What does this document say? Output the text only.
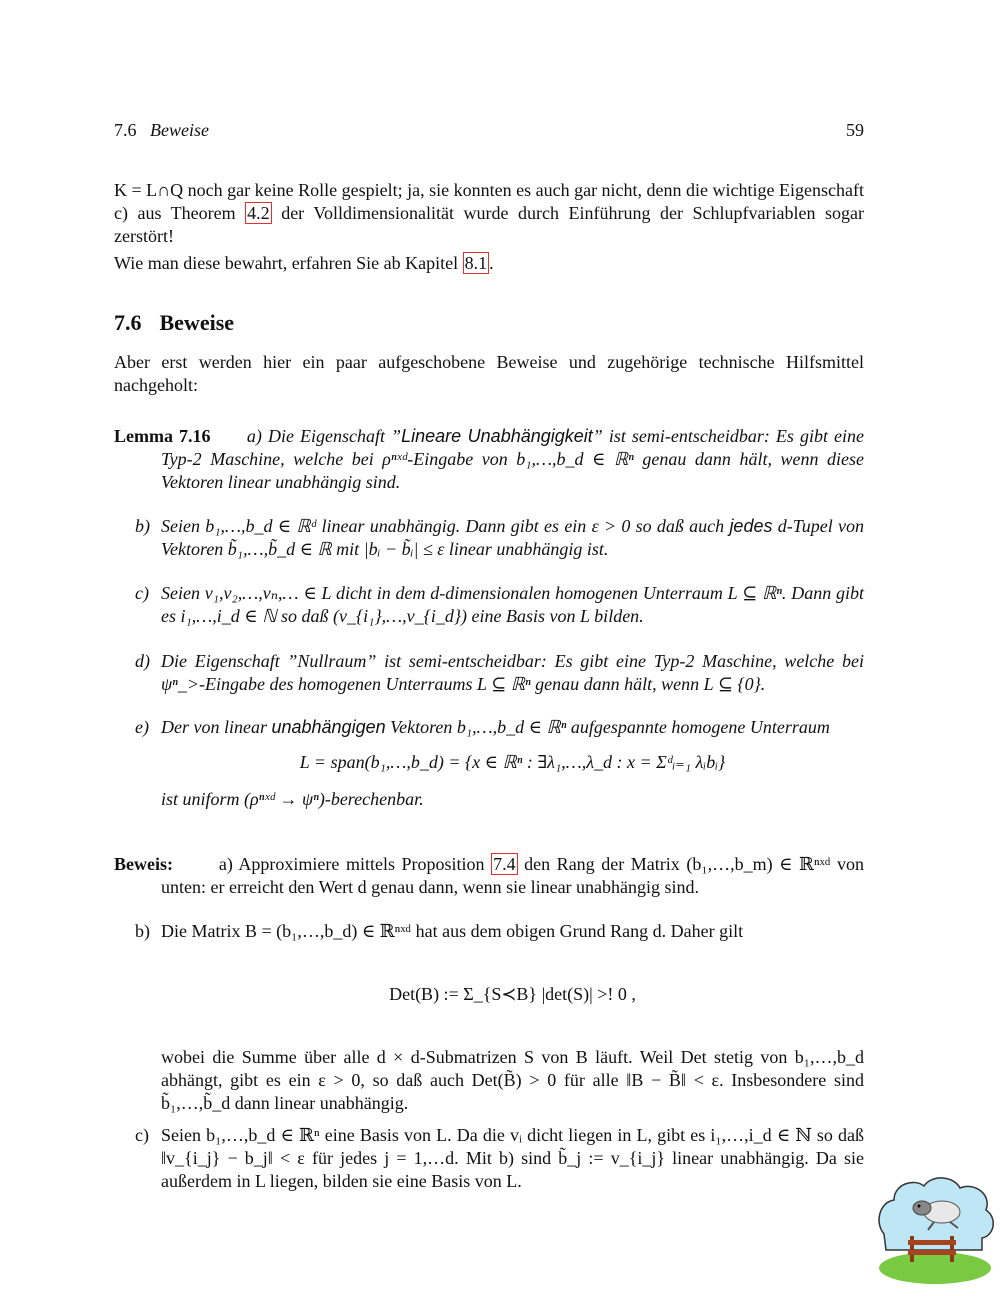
7.6 Beweise	59
K = L∩Q noch gar keine Rolle gespielt; ja, sie konnten es auch gar nicht, denn die wichtige Eigenschaft c) aus Theorem 4.2 der Volldimensionalität wurde durch Einführung der Schlupfvariablen sogar zerstört!
Wie man diese bewahrt, erfahren Sie ab Kapitel 8.1 .
7.6 Beweise
Aber erst werden hier ein paar aufgeschobene Beweise und zugehörige technische Hilfsmittel nachgeholt:
Lemma 7.16 a) Die Eigenschaft ”Lineare Unabhängigkeit” ist semi-entscheidbar: Es gibt eine Typ-2 Maschine, welche bei ρⁿˣᵈ-Eingabe von b₁,…,b_d ∈ ℝⁿ genau dann hält, wenn diese Vektoren linear unabhängig sind.
b) Seien b₁,…,b_d ∈ ℝᵈ linear unabhängig. Dann gibt es ein ε > 0 so daß auch jedes d-Tupel von Vektoren b̃₁,…,b̃_d ∈ ℝ mit |bᵢ − b̃ᵢ| ≤ ε linear unabhängig ist.
c) Seien v₁,v₂,…,vₙ,… ∈ L dicht in dem d-dimensionalen homogenen Unterraum L ⊆ ℝⁿ. Dann gibt es i₁,…,i_d ∈ ℕ so daß (v_{i₁},…,v_{i_d}) eine Basis von L bilden.
d) Die Eigenschaft ”Nullraum” ist semi-entscheidbar: Es gibt eine Typ-2 Maschine, welche bei ψⁿ_>-Eingabe des homogenen Unterraums L ⊆ ℝⁿ genau dann hält, wenn L ⊆ {0}.
e) Der von linear unabhängigen Vektoren b₁,…,b_d ∈ ℝⁿ aufgespannte homogene Unterraum
L = span(b₁,…,b_d) = {x ∈ ℝⁿ : ∃λ₁,…,λ_d : x = Σᵈᵢ₌₁ λᵢbᵢ}
ist uniform (ρⁿˣᵈ → ψⁿ)-berechenbar.
Beweis:	a) Approximiere mittels Proposition 7.4 den Rang der Matrix (b₁,…,b_m) ∈ ℝⁿˣᵈ von unten: er erreicht den Wert d genau dann, wenn sie linear unabhängig sind.
b) Die Matrix B = (b₁,…,b_d) ∈ ℝⁿˣᵈ hat aus dem obigen Grund Rang d. Daher gilt
Det(B) := Σ_{S≺B} |det(S)| >! 0 ,
wobei die Summe über alle d × d-Submatrizen S von B läuft. Weil Det stetig von b₁,…,b_d abhängt, gibt es ein ε > 0, so daß auch Det(B̃) > 0 für alle ‖B − B̃‖ < ε. Insbesondere sind b̃₁,…,b̃_d dann linear unabhängig.
c) Seien b₁,…,b_d ∈ ℝⁿ eine Basis von L. Da die vᵢ dicht liegen in L, gibt es i₁,…,i_d ∈ ℕ so daß ‖v_{i_j} − b_j‖ < ε für jedes j = 1,…d. Mit b) sind b̃_j := v_{i_j} linear unabhängig. Da sie außerdem in L liegen, bilden sie eine Basis von L.
